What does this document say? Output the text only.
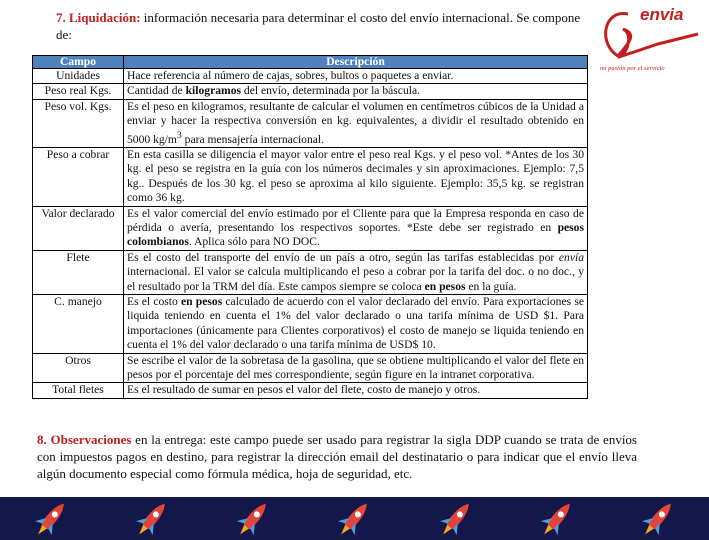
7. Liquidación: información necesaria para determinar el costo del envío internacional. Se compone de:
envia
mi pasión por el servicio
Campo	Descripción
Unidades	Hace referencia al número de cajas, sobres, bultos o paquetes a enviar.
Peso real Kgs.	Cantidad de kilogramos del envío, determinada por la báscula.
Peso vol. Kgs.	Es el peso en kilogramos, resultante de calcular el volumen en centímetros cúbicos de la Unidad a enviar y hacer la respectiva conversión en kg. equivalentes, a dividir el resultado obtenido en 5000 $kg/m^3$ para mensajería internacional.
Peso a cobrar	En esta casilla se diligencia el mayor valor entre el peso real Kgs. y el peso vol. *Antes de los 30 kg. el peso se registra en la guía con los números decimales y sin aproximaciones. Ejemplo: 7,5 kg.. Después de los 30 kg. el peso se aproxima al kilo siguiente. Ejemplo: 35,5 kg. se registran como 36 kg.
Valor declarado	Es el valor comercial del envío estimado por el Cliente para que la Empresa responda en caso de pérdida o avería, presentando los respectivos soportes. *Este debe ser registrado en pesos colombianos. Aplica sólo para NO DOC.
Flete	Es el costo del transporte del envío de un país a otro, según las tarifas establecidas por envía internacional. El valor se calcula multiplicando el peso a cobrar por la tarifa del doc. o no doc., y el resultado por la TRM del día. Este campos siempre se coloca en pesos en la guía.
C. manejo	Es el costo en pesos calculado de acuerdo con el valor declarado del envío. Para exportaciones se liquida teniendo en cuenta el 1% del valor declarado o una tarifa mínima de USD $1. Para importaciones (únicamente para Clientes corporativos) el costo de manejo se liquida teniendo en cuenta el 1% del valor declarado o una tarifa mínima de USD$ 10.
Otros	Se escribe el valor de la sobretasa de la gasolina, que se obtiene multiplicando el valor del flete en pesos por el porcentaje del mes correspondiente, según figure en la intranet corporativa.
Total fletes	Es el resultado de sumar en pesos el valor del flete, costo de manejo y otros.
8. Observaciones en la entrega: este campo puede ser usado para registrar la sigla DDP cuando se trata de envíos con impuestos pagos en destino, para registrar la dirección email del destinatario o para indicar que el envío lleva algún documento especial como fórmula médica, hoja de seguridad, etc.
